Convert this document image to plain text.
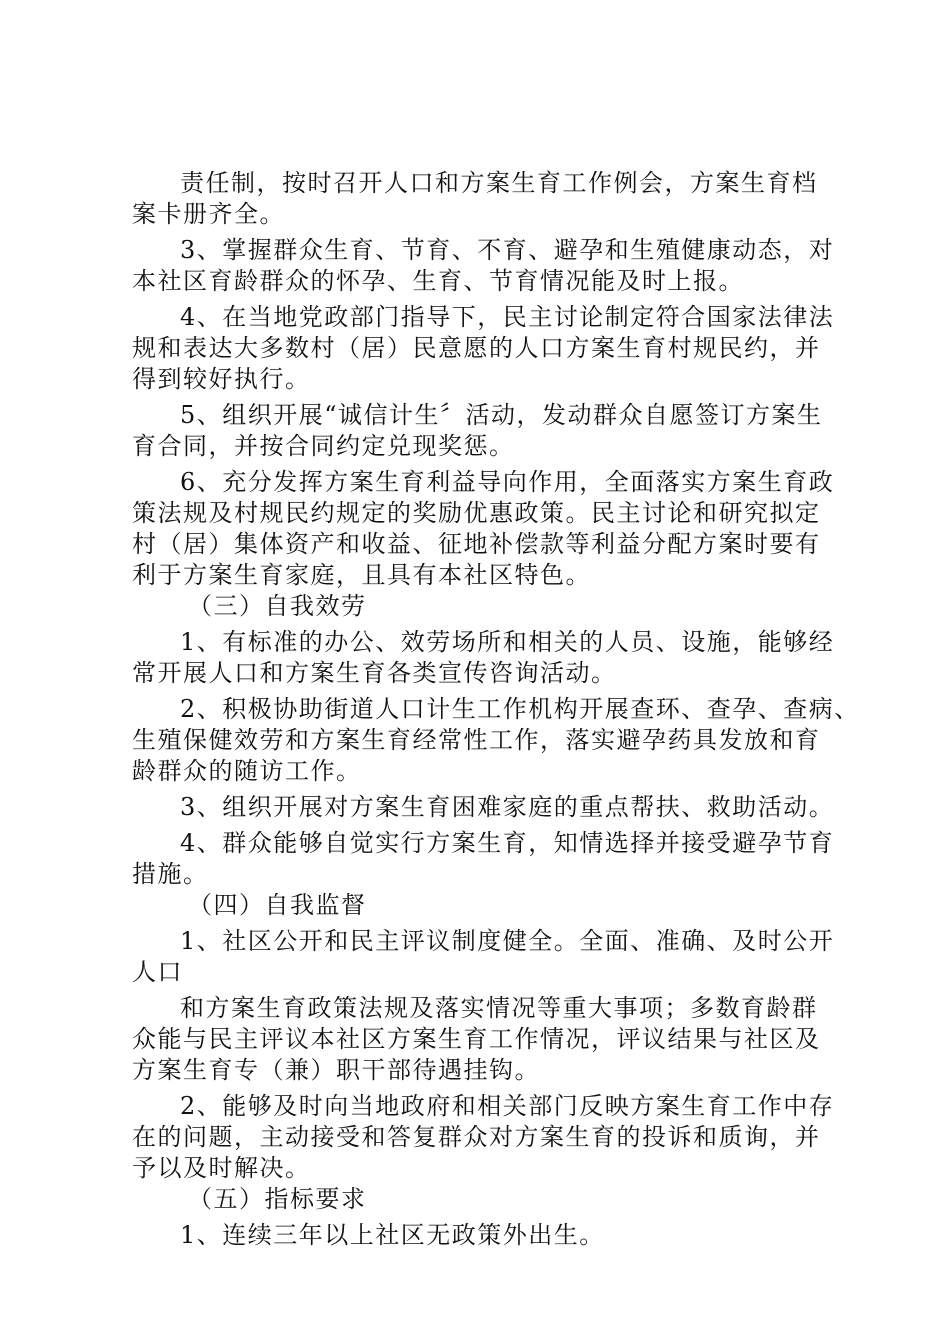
责任制，按时召开人口和方案生育工作例会，方案生育档
案卡册齐全。
3、掌握群众生育、节育、不育、避孕和生殖健康动态，对
本社区育龄群众的怀孕、生育、节育情况能及时上报。
4、在当地党政部门指导下，民主讨论制定符合国家法律法
规和表达大多数村（居）民意愿的人口方案生育村规民约，并
得到较好执行。
5、组织开展“诚信计生〞活动，发动群众自愿签订方案生
育合同，并按合同约定兑现奖惩。
6、充分发挥方案生育利益导向作用，全面落实方案生育政
策法规及村规民约规定的奖励优惠政策。民主讨论和研究拟定
村（居）集体资产和收益、征地补偿款等利益分配方案时要有
利于方案生育家庭，且具有本社区特色。
（三）自我效劳
1、有标准的办公、效劳场所和相关的人员、设施，能够经
常开展人口和方案生育各类宣传咨询活动。
2、积极协助街道人口计生工作机构开展查环、查孕、查病、
生殖保健效劳和方案生育经常性工作，落实避孕药具发放和育
龄群众的随访工作。
3、组织开展对方案生育困难家庭的重点帮扶、救助活动。
4、群众能够自觉实行方案生育，知情选择并接受避孕节育
措施。
（四）自我监督
1、社区公开和民主评议制度健全。全面、准确、及时公开
人口
和方案生育政策法规及落实情况等重大事项；多数育龄群
众能与民主评议本社区方案生育工作情况，评议结果与社区及
方案生育专（兼）职干部待遇挂钩。
2、能够及时向当地政府和相关部门反映方案生育工作中存
在的问题，主动接受和答复群众对方案生育的投诉和质询，并
予以及时解决。
（五）指标要求
1、连续三年以上社区无政策外出生。
